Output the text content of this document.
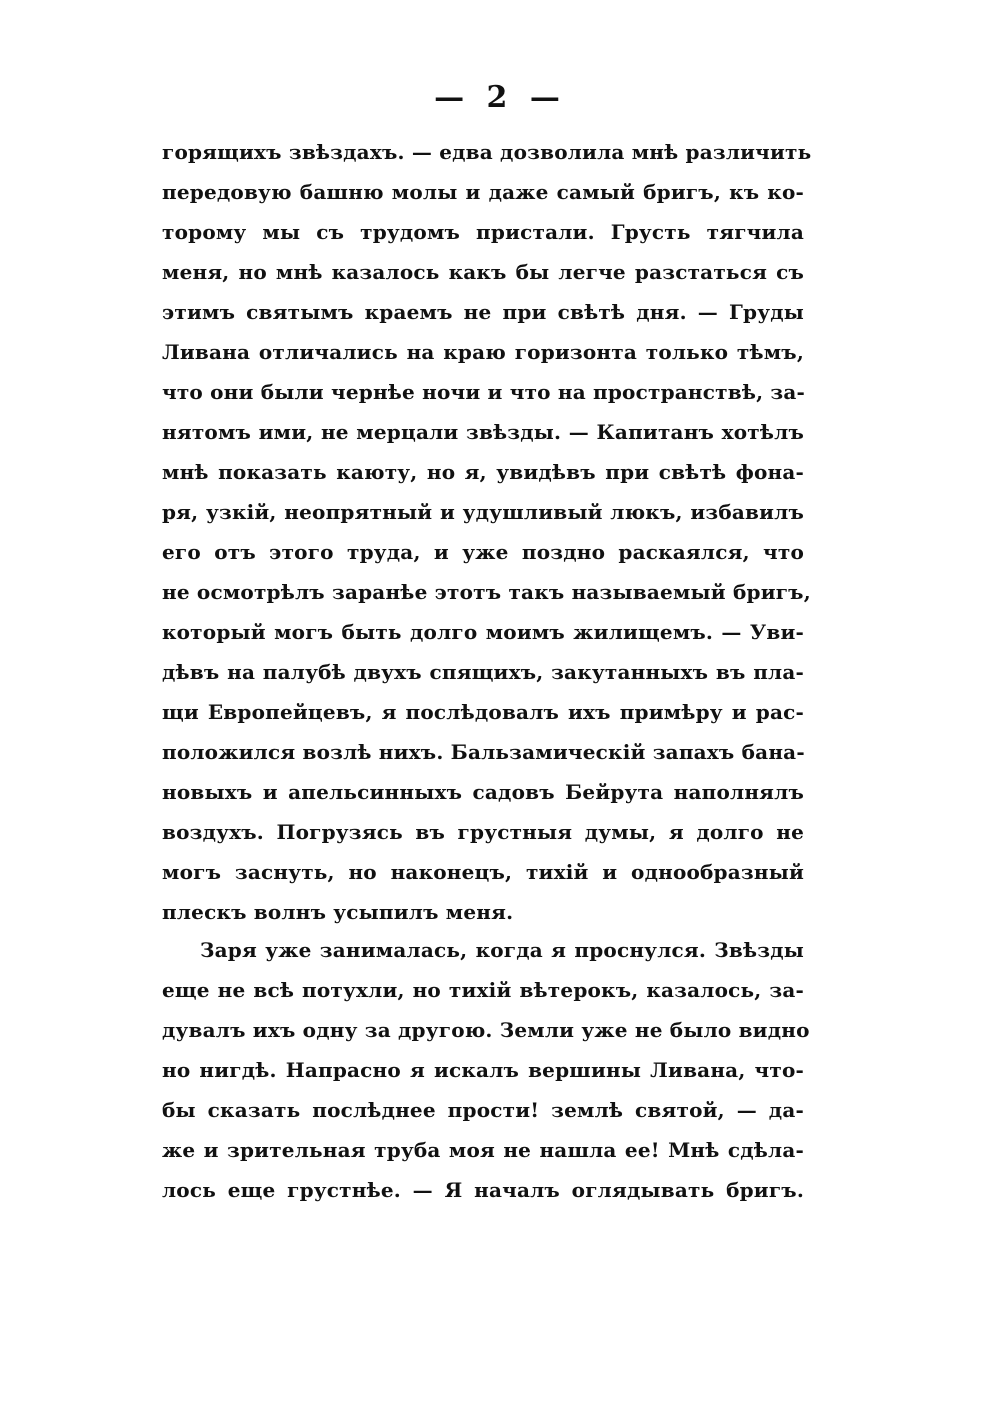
— 2 —
горящихъ звѣздахъ. — едва дозволила мнѣ различить
передовую башню молы и даже самый бригъ, къ ко-
торому мы съ трудомъ пристали. Грусть тягчила
меня, но мнѣ казалось какъ бы легче разстаться съ
этимъ святымъ краемъ не при свѣтѣ дня. — Груды
Ливана отличались на краю горизонта только тѣмъ,
что они были чернѣе ночи и что на пространствѣ, за-
нятомъ ими, не мерцали звѣзды. — Капитанъ хотѣлъ
мнѣ показать каюту, но я, увидѣвъ при свѣтѣ фона-
ря, узкій, неопрятный и удушливый люкъ, избавилъ
его отъ этого труда, и уже поздно раскаялся, что
не осмотрѣлъ заранѣе этотъ такъ называемый бригъ,
который могъ быть долго моимъ жилищемъ. — Уви-
дѣвъ на палубѣ двухъ спящихъ, закутанныхъ въ пла-
щи Европейцевъ, я послѣдовалъ ихъ примѣру и рас-
положился возлѣ нихъ. Бальзамическій запахъ бана-
новыхъ и апельсинныхъ садовъ Бейрута наполнялъ
воздухъ. Погрузясь въ грустныя думы, я долго не
могъ заснуть, но наконецъ, тихій и однообразный
плескъ волнъ усыпилъ меня.
Заря уже занималась, когда я проснулся. Звѣзды
еще не всѣ потухли, но тихій вѣтерокъ, казалось, за-
дувалъ ихъ одну за другою. Земли уже не было видно
но нигдѣ. Напрасно я искалъ вершины Ливана, что-
бы сказать послѣднее прости! землѣ святой, — да-
же и зрительная труба моя не нашла ее! Мнѣ сдѣла-
лось еще грустнѣе. — Я началъ оглядывать бригъ.
